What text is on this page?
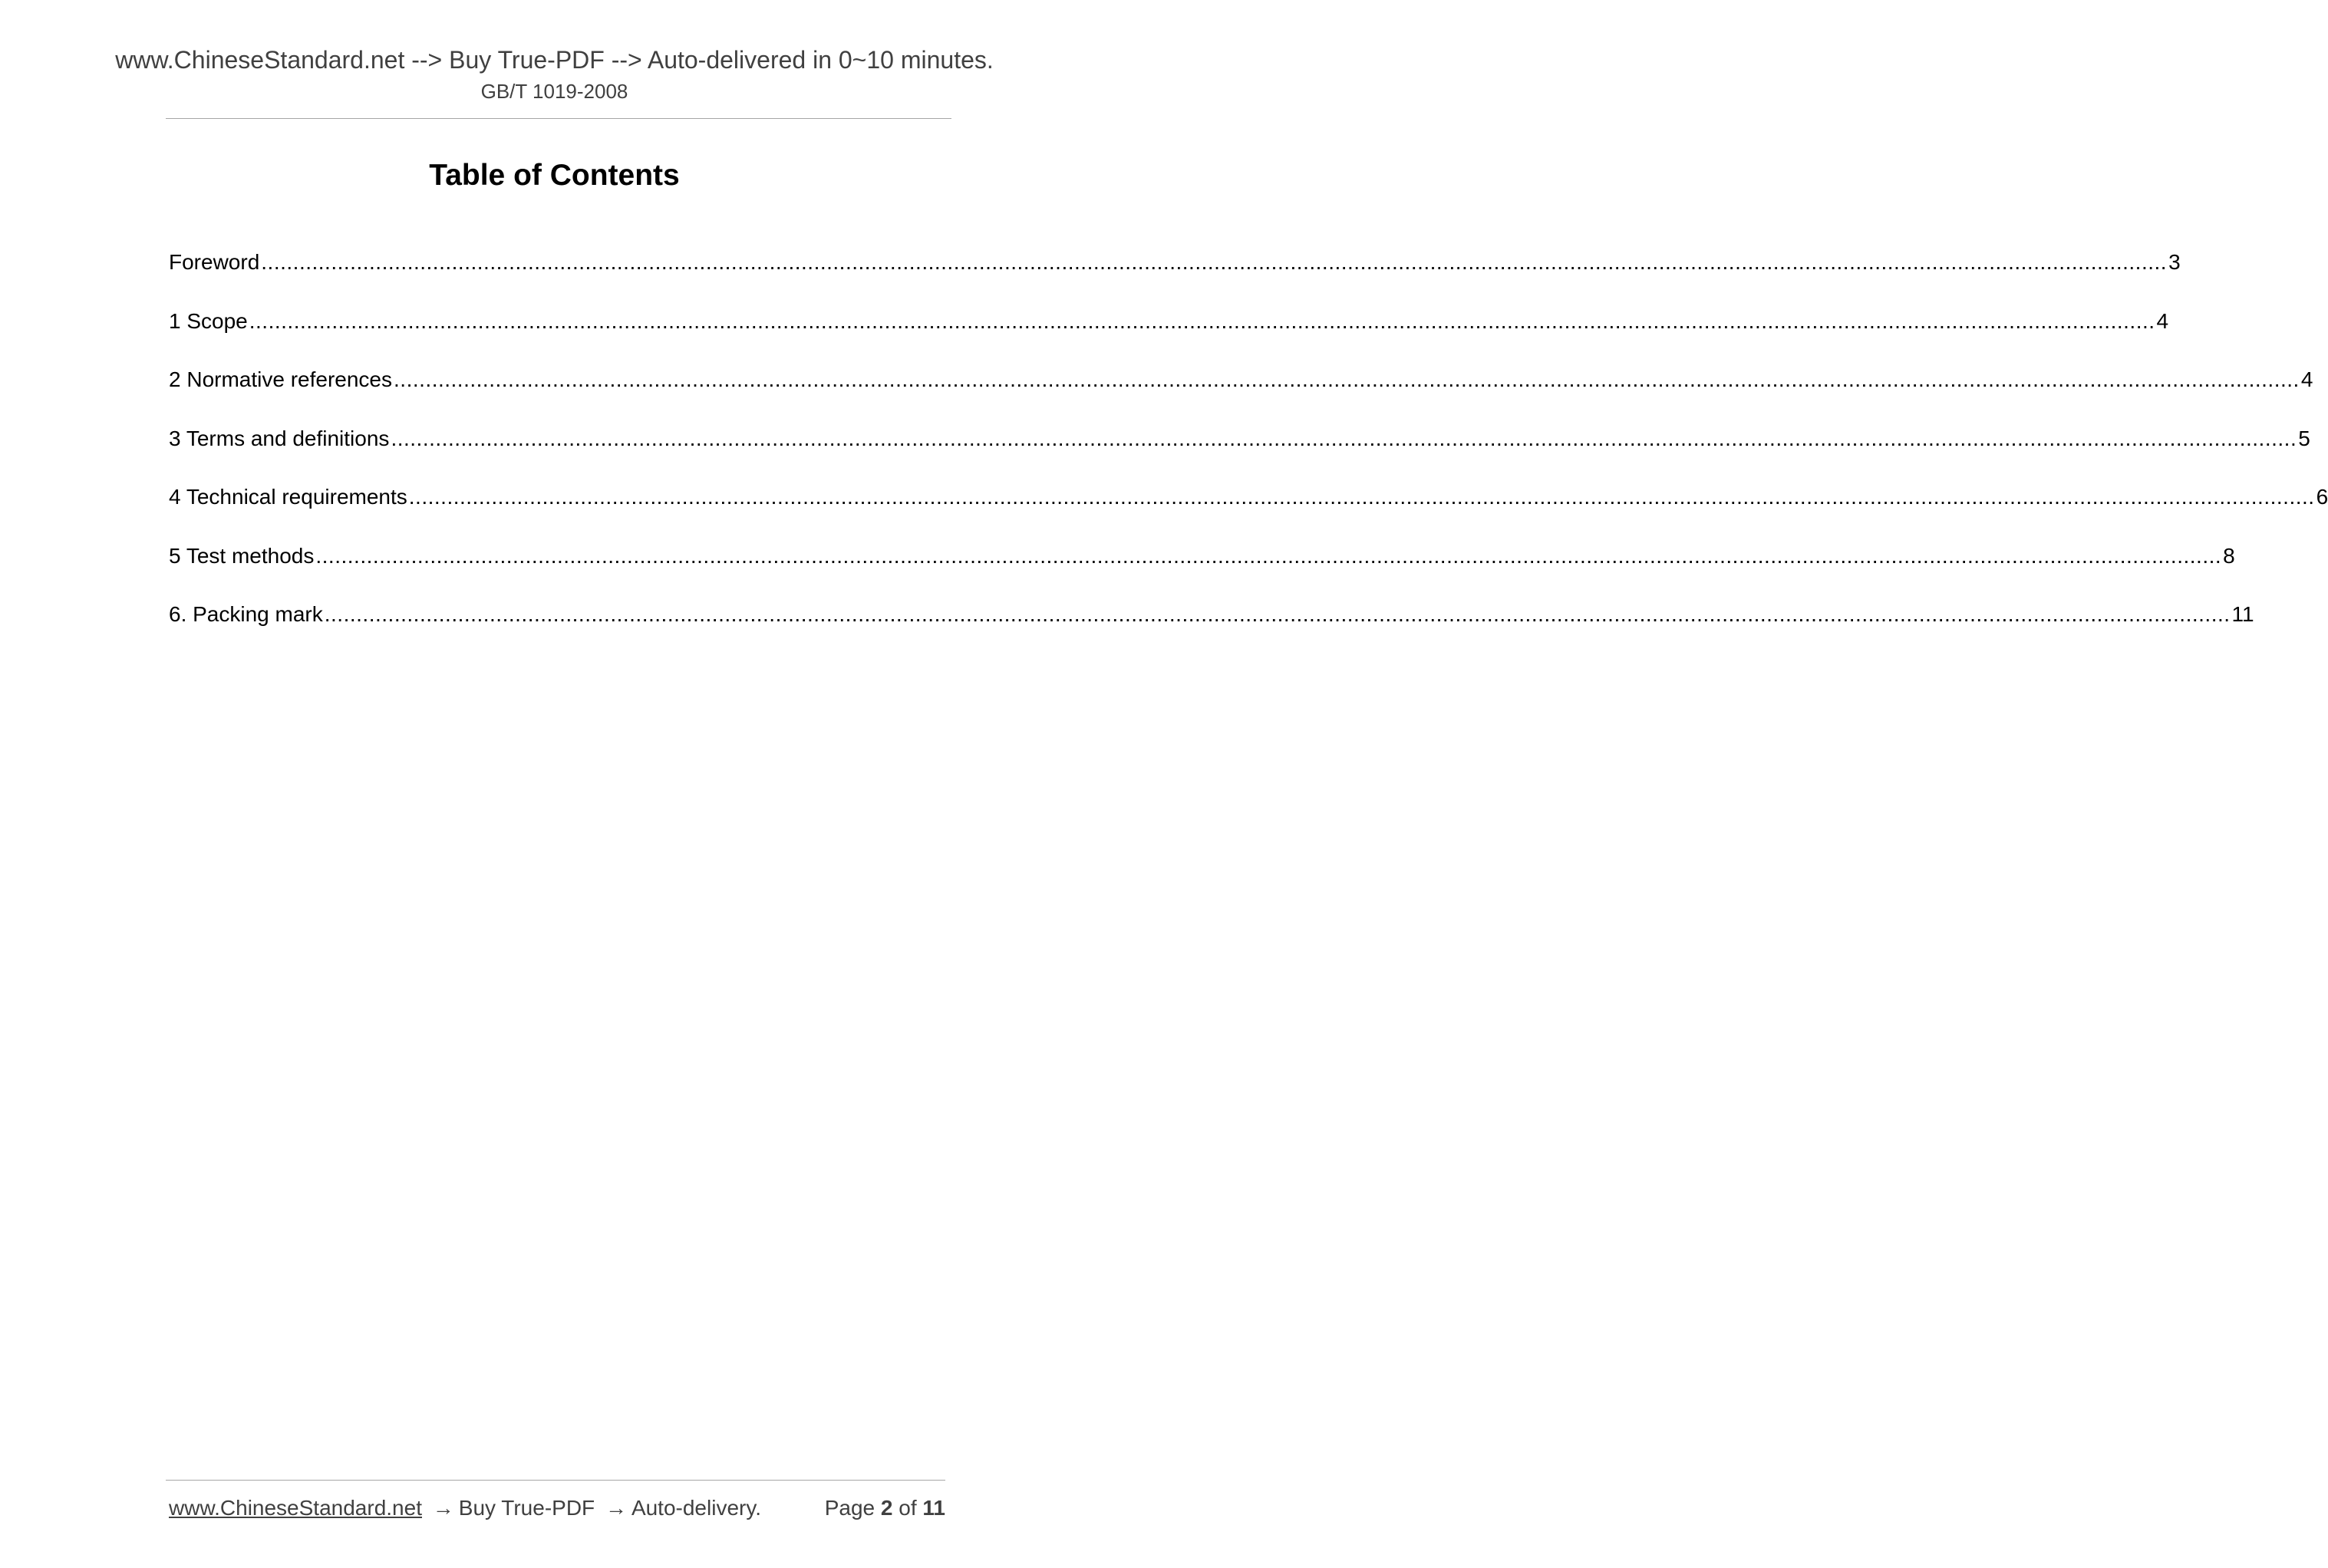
www.ChineseStandard.net --> Buy True-PDF --> Auto-delivered in 0~10 minutes.
GB/T 1019-2008
Table of Contents
Foreword ............................................................................................................................................................................................................................................................................................................ 3
1 Scope ............................................................................................................................................................................................................................................................................................................ 4
2 Normative references ............................................................................................................................................................................................................................................................................................................ 4
3 Terms and definitions ............................................................................................................................................................................................................................................................................................................ 5
4 Technical requirements ............................................................................................................................................................................................................................................................................................................ 6
5 Test methods ............................................................................................................................................................................................................................................................................................................ 8
6. Packing mark ............................................................................................................................................................................................................................................................................................................ 11
www.ChineseStandard.net → Buy True-PDF → Auto-delivery.	Page 2 of 11
